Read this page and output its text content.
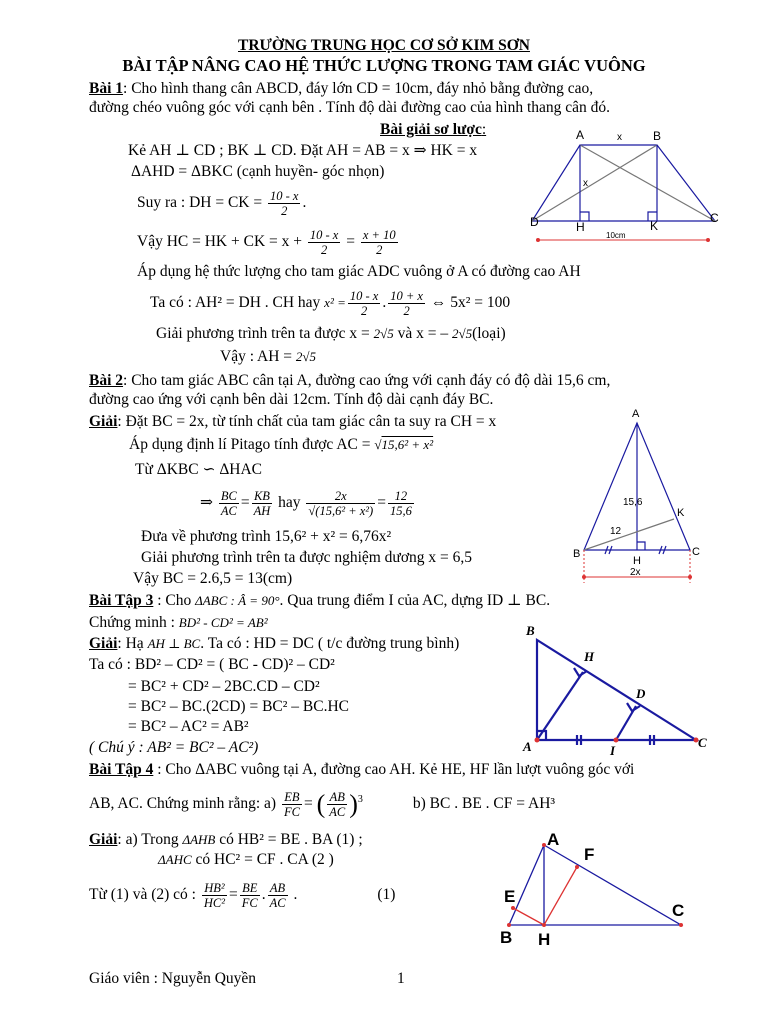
TRƯỜNG TRUNG HỌC CƠ SỞ KIM SƠN
BÀI TẬP NÂNG CAO HỆ THỨC LƯỢNG TRONG TAM GIÁC VUÔNG
Bài 1: Cho hình thang cân ABCD, đáy lớn CD = 10cm, đáy nhỏ bằng đường cao,
đường chéo vuông góc với cạnh bên . Tính độ dài đường cao của hình thang cân đó.
Bài giải sơ lược:
Kẻ AH ⊥ CD ; BK ⊥ CD. Đặt AH = AB = x ⇒ HK = x
ΔAHD = ΔBKC (cạnh huyền- góc nhọn)
Suy ra : DH = CK = $\frac{10 - x}{2}$ .
Vậy HC = HK + CK = $x + \frac{10 - x}{2} = \frac{x + 10}{2}$
Áp dụng hệ thức lượng cho tam giác ADC vuông ở A có đường cao AH
Ta có : AH² = DH . CH hay $x^2 = \frac{10 - x}{2}$ . $\frac{10 + x}{2}$ ⇔ 5x² = 100
Giải phương trình trên ta được x = 2√5 và x = – 2√5(loại)
Vậy : AH = 2√5
Bài 2: Cho tam giác ABC cân tại A, đường cao ứng với cạnh đáy có độ dài 15,6 cm,
đường cao ứng với cạnh bên dài 12cm. Tính độ dài cạnh đáy BC.
Giải: Đặt BC = 2x, từ tính chất của tam giác cân ta suy ra CH = x
Áp dụng định lí Pitago tính được AC = √15,6² + x²
Từ ΔKBC ∽ ΔHAC
⇒ $\frac{BC}{AC} = \frac{KB}{AH}$ hay $\frac{2x}{\text{√(15,6² + x²)}} = \frac{12}{15,6}$
Đưa về phương trình 15,6² + x² = 6,76x²
Giải phương trình trên ta được nghiệm dương x = 6,5
Vậy BC = 2.6,5 = 13(cm)
Bài Tập 3 : Cho ΔABC : Â = 90°. Qua trung điểm I của AC, dựng ID ⊥ BC.
Chứng minh : BD² - CD² = AB²
Giải: Hạ AH ⊥ BC. Ta có : HD = DC ( t/c đường trung bình)
Ta có : BD² – CD² = ( BC - CD)² – CD²
= BC² + CD² – 2BC.CD – CD²
= BC² – BC.(2CD) = BC² – BC.HC
= BC² – AC² = AB²
( Chú ý : AB² = BC² – AC²)
Bài Tập 4 : Cho ΔABC vuông tại A, đường cao AH. Kẻ HE, HF lần lượt vuông góc với
AB, AC. Chứng minh rằng: $a) \frac{EB}{FC}$ = ( $\frac{AB}{AC} )^3$	b) BC . BE . CF = AH³
Giải: a) Trong ΔAHB có HB² = BE . BA (1) ;
ΔAHC có HC² = CF . CA (2 )
Từ (1) và (2) có : $\frac{\text{HB²}}{\text{HC²}} = \frac{BE}{FC}$ . $\frac{AB}{AC}$ .	(1)
Giáo viên : Nguyễn Quyền	1
A	B
C
D	H	K
x
x
10cm
A
B	C
H
K
15,6
12
2x
B
H
D
A	I
C
A
F
E
B H
C
